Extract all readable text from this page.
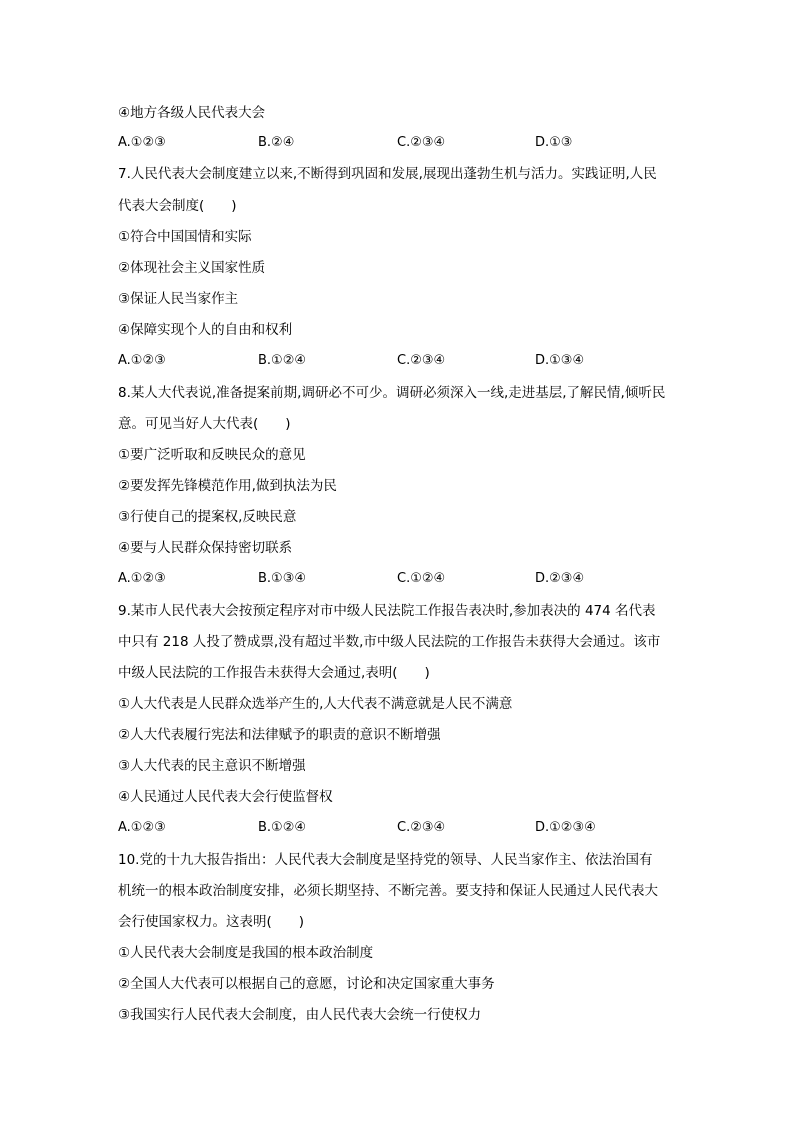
④地方各级人民代表大会
A.①②③	B.②④	C.②③④	D.①③
7.人民代表大会制度建立以来,不断得到巩固和发展,展现出蓬勃生机与活力。实践证明,人民
代表大会制度(　　)
①符合中国国情和实际
②体现社会主义国家性质
③保证人民当家作主
④保障实现个人的自由和权利
A.①②③	B.①②④	C.②③④	D.①③④
8.某人大代表说,准备提案前期,调研必不可少。调研必须深入一线,走进基层,了解民情,倾听民
意。可见当好人大代表(　　)
①要广泛听取和反映民众的意见
②要发挥先锋模范作用,做到执法为民
③行使自己的提案权,反映民意
④要与人民群众保持密切联系
A.①②③	B.①③④	C.①②④	D.②③④
9.某市人民代表大会按预定程序对市中级人民法院工作报告表决时,参加表决的 474 名代表
中只有 218 人投了赞成票,没有超过半数,市中级人民法院的工作报告未获得大会通过。该市
中级人民法院的工作报告未获得大会通过,表明(　　)
①人大代表是人民群众选举产生的,人大代表不满意就是人民不满意
②人大代表履行宪法和法律赋予的职责的意识不断增强
③人大代表的民主意识不断增强
④人民通过人民代表大会行使监督权
A.①②③	B.①②④	C.②③④	D.①②③④
10.党的十九大报告指出：人民代表大会制度是坚持党的领导、人民当家作主、依法治国有
机统一的根本政治制度安排，必须长期坚持、不断完善。要支持和保证人民通过人民代表大
会行使国家权力。这表明(　　)
①人民代表大会制度是我国的根本政治制度
②全国人大代表可以根据自己的意愿，讨论和决定国家重大事务
③我国实行人民代表大会制度，由人民代表大会统一行使权力
